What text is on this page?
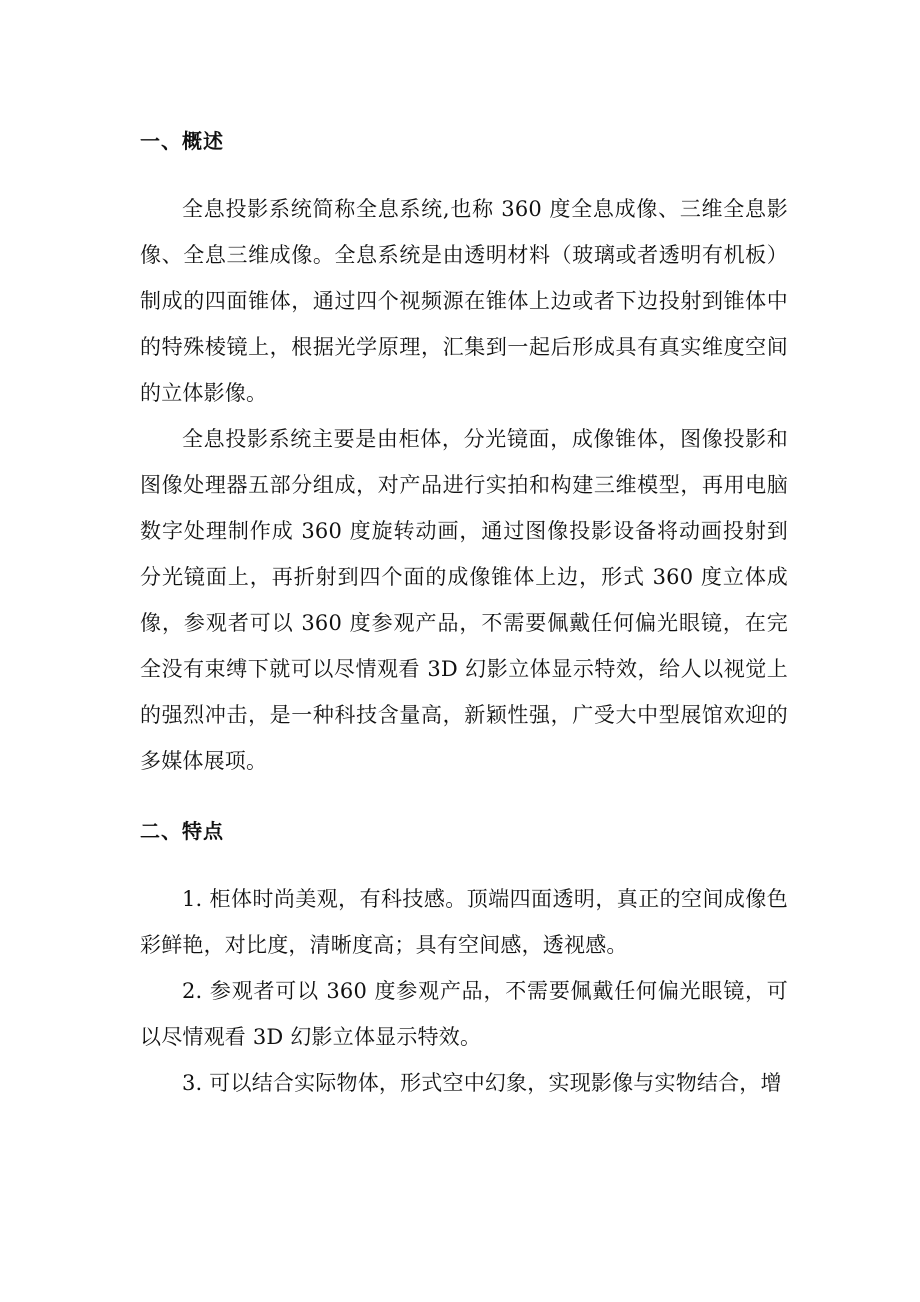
一、概述

全息投影系统简称全息系统,也称 360 度全息成像、三维全息影像、全息三维成像。全息系统是由透明材料（玻璃或者透明有机板）制成的四面锥体，通过四个视频源在锥体上边或者下边投射到锥体中的特殊棱镜上，根据光学原理，汇集到一起后形成具有真实维度空间的立体影像。

全息投影系统主要是由柜体，分光镜面，成像锥体，图像投影和图像处理器五部分组成，对产品进行实拍和构建三维模型，再用电脑数字处理制作成 360 度旋转动画，通过图像投影设备将动画投射到分光镜面上，再折射到四个面的成像锥体上边，形式 360 度立体成像，参观者可以 360 度参观产品，不需要佩戴任何偏光眼镜，在完全没有束缚下就可以尽情观看 3D 幻影立体显示特效，给人以视觉上的强烈冲击，是一种科技含量高，新颖性强，广受大中型展馆欢迎的多媒体展项。

二、特点

1. 柜体时尚美观，有科技感。顶端四面透明，真正的空间成像色彩鲜艳，对比度，清晰度高；具有空间感，透视感。

2. 参观者可以 360 度参观产品，不需要佩戴任何偏光眼镜，可以尽情观看 3D 幻影立体显示特效。

3. 可以结合实际物体，形式空中幻象，实现影像与实物结合，增
